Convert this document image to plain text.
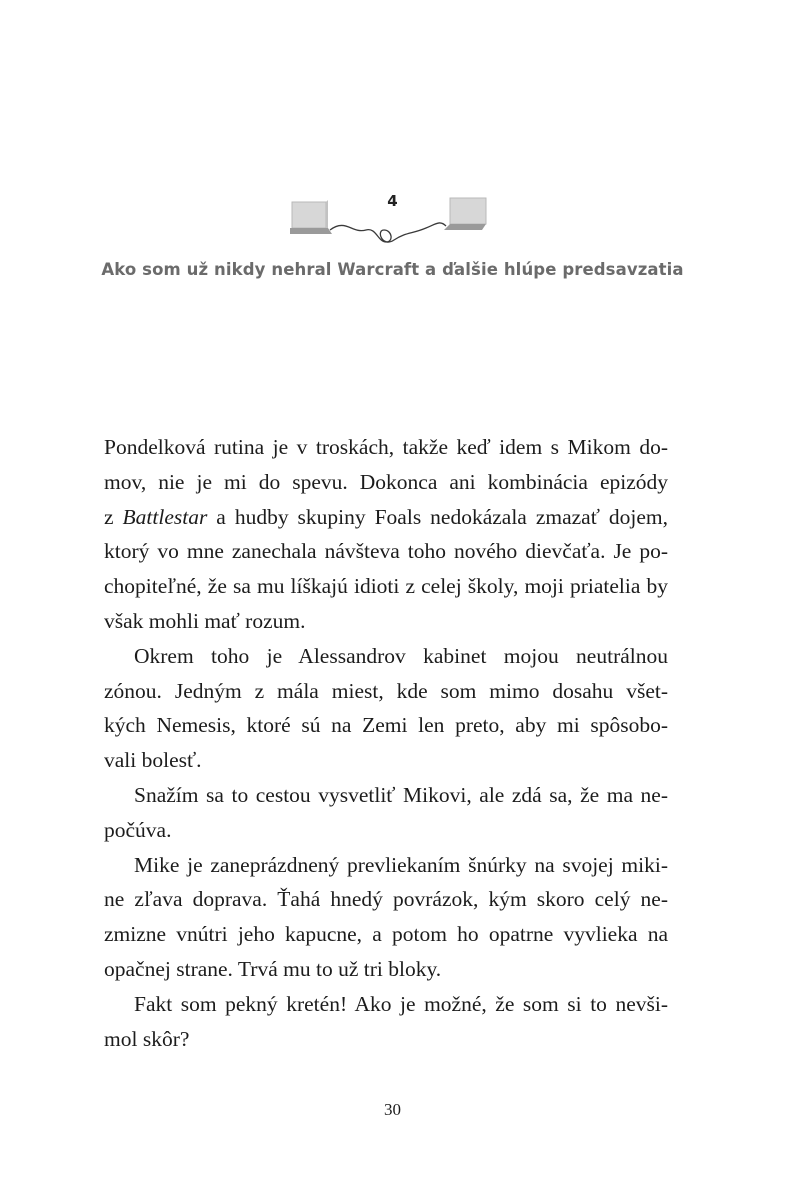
4
Ako som už nikdy nehral Warcraft a ďalšie hlúpe predsavzatia
Pondelková rutina je v troskách, takže keď idem s Mikom do-
mov, nie je mi do spevu. Dokonca ani kombinácia epizódy
z Battlestar a hudby skupiny Foals nedokázala zmazať dojem,
ktorý vo mne zanechala návšteva toho nového dievčaťa. Je po-
chopiteľné, že sa mu líškajú idioti z celej školy, moji priatelia by
však mohli mať rozum.
Okrem toho je Alessandrov kabinet mojou neutrálnou
zónou. Jedným z mála miest, kde som mimo dosahu všet-
kých Nemesis, ktoré sú na Zemi len preto, aby mi spôsobo-
vali bolesť.
Snažím sa to cestou vysvetliť Mikovi, ale zdá sa, že ma ne-
počúva.
Mike je zaneprázdnený prevliekaním šnúrky na svojej miki-
ne zľava doprava. Ťahá hnedý povrázok, kým skoro celý ne-
zmizne vnútri jeho kapucne, a potom ho opatrne vyvlieka na
opačnej strane. Trvá mu to už tri bloky.
Fakt som pekný kretén! Ako je možné, že som si to nevši-
mol skôr?
30
